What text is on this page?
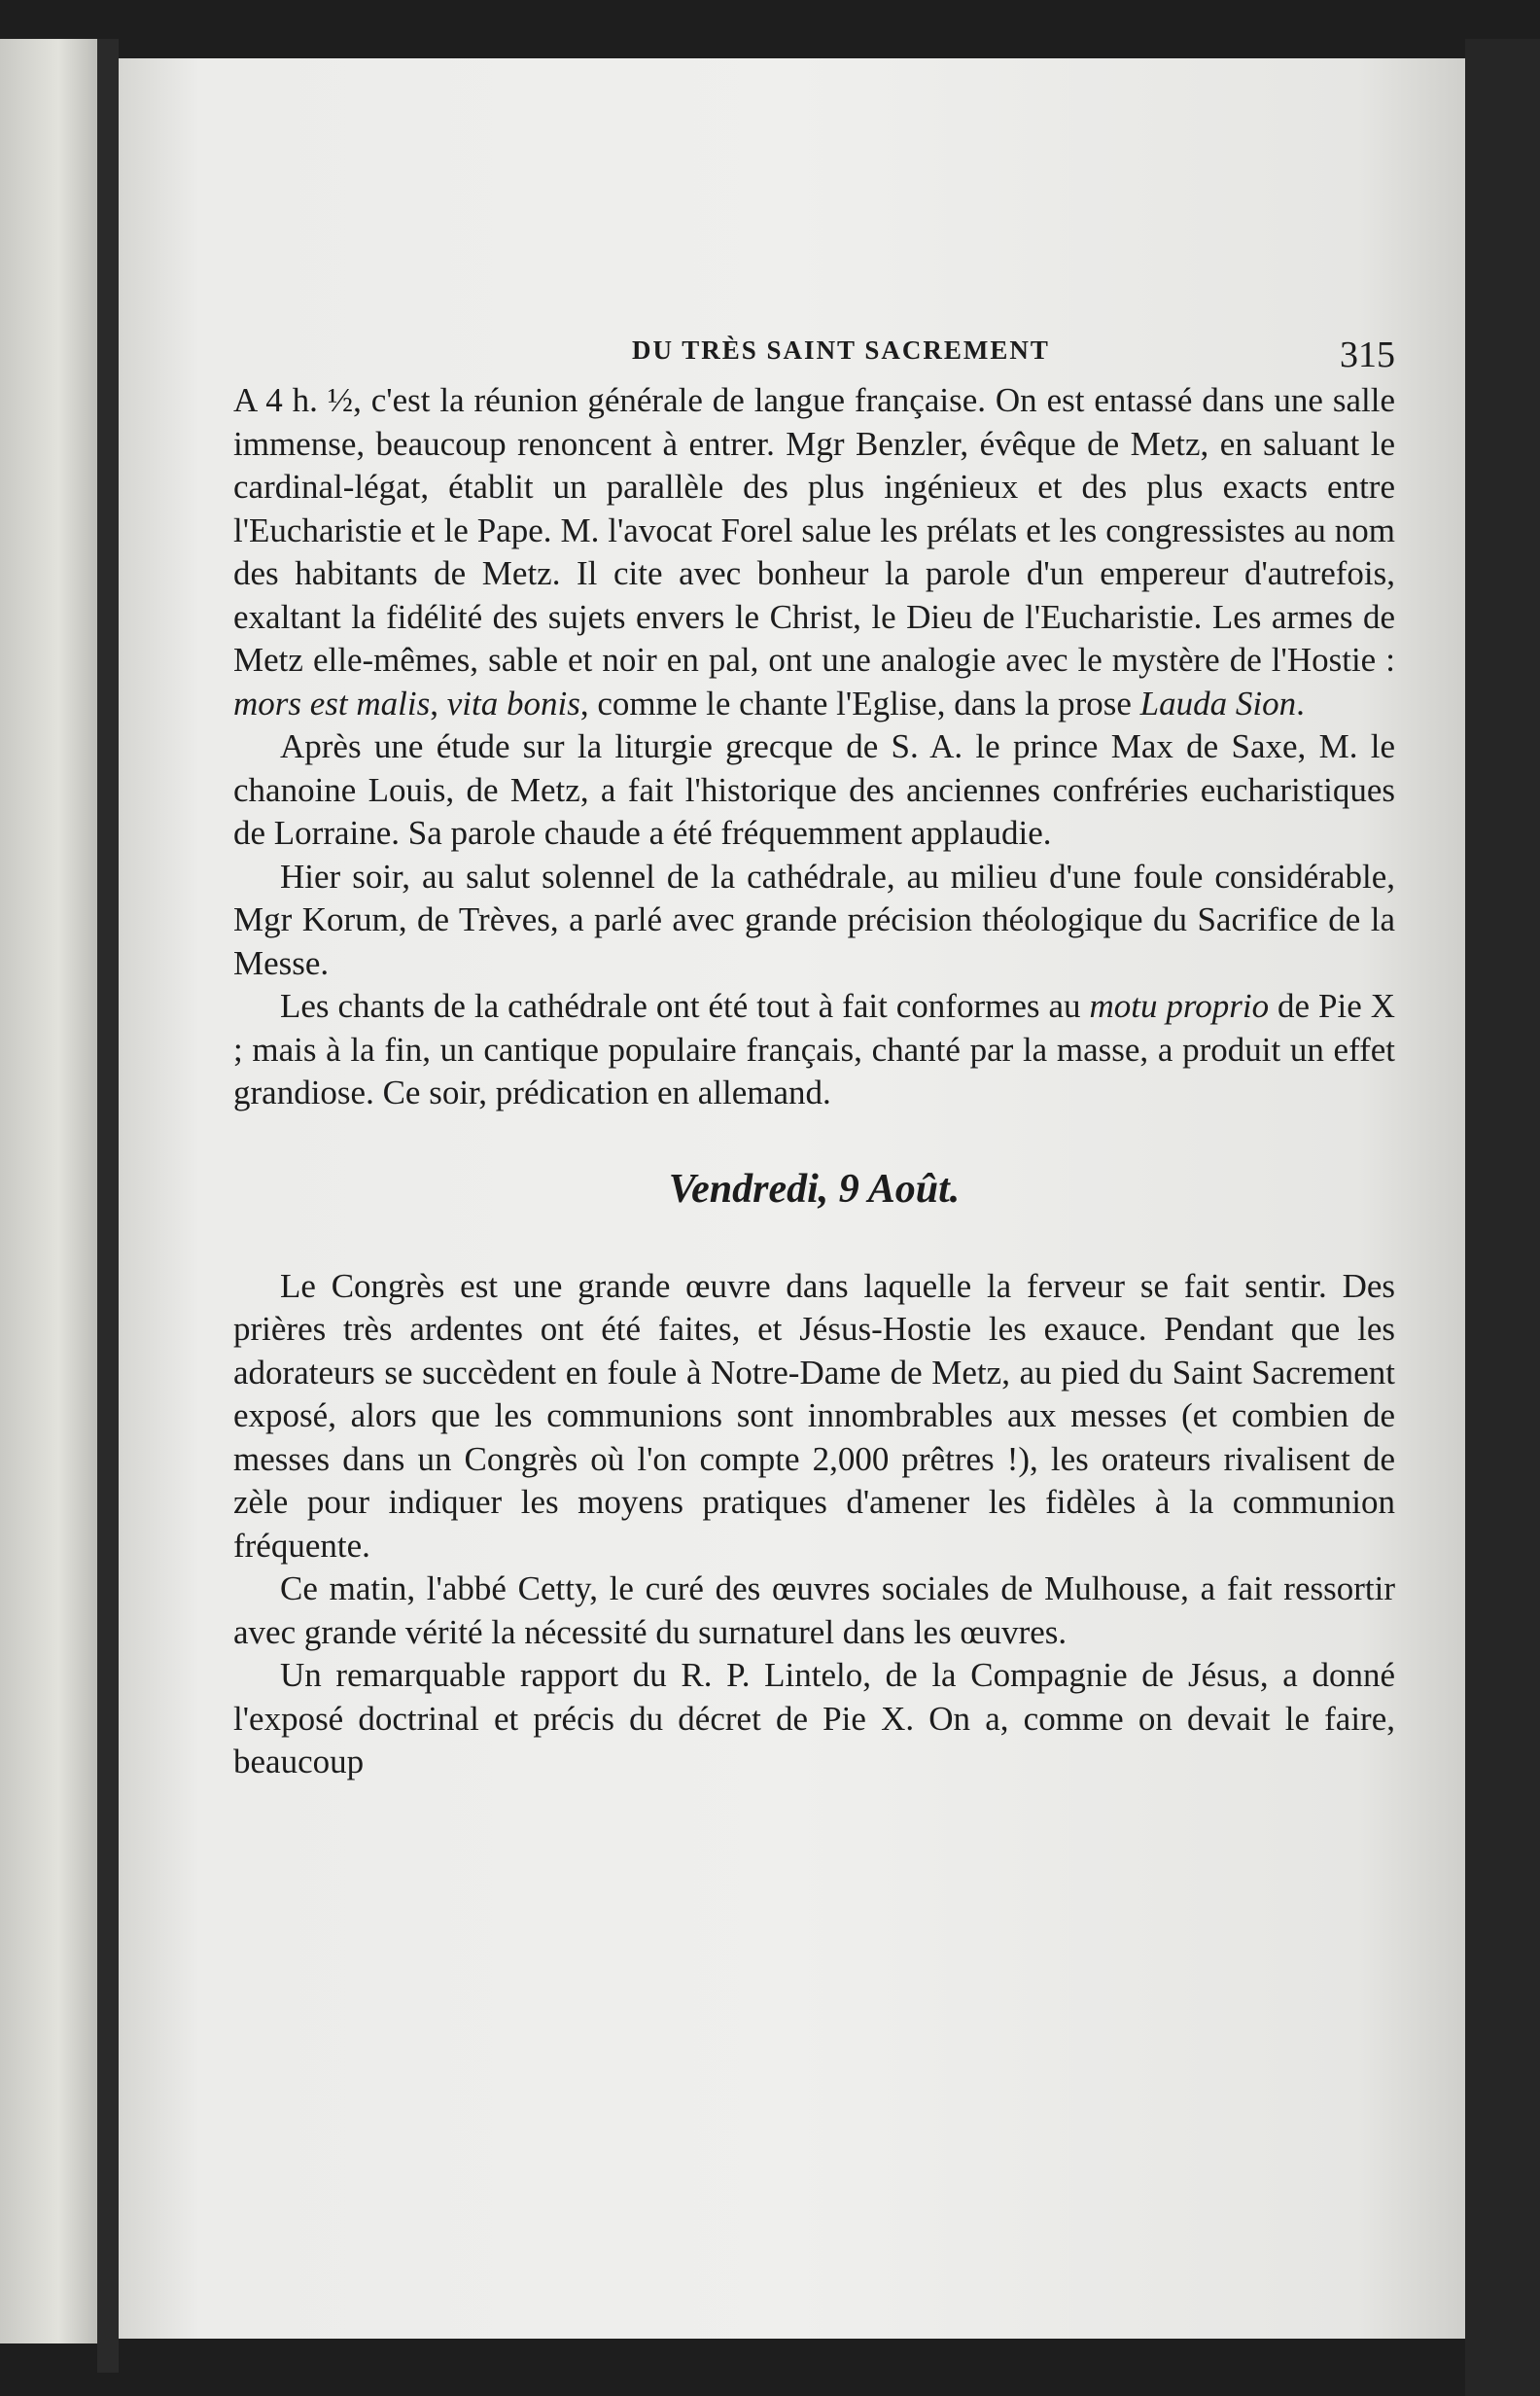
DU TRÈS SAINT SACREMENT	315

A 4 h. ½, c'est la réunion générale de langue française. On est entassé dans une salle immense, beaucoup renoncent à entrer. Mgr Benzler, évêque de Metz, en saluant le cardinal-légat, établit un parallèle des plus ingénieux et des plus exacts entre l'Eucharistie et le Pape. M. l'avocat Forel salue les prélats et les congressistes au nom des habitants de Metz. Il cite avec bonheur la parole d'un empereur d'autrefois, exaltant la fidélité des sujets envers le Christ, le Dieu de l'Eucharistie. Les armes de Metz elle-mêmes, sable et noir en pal, ont une analogie avec le mystère de l'Hostie : mors est malis, vita bonis, comme le chante l'Eglise, dans la prose Lauda Sion.

Après une étude sur la liturgie grecque de S. A. le prince Max de Saxe, M. le chanoine Louis, de Metz, a fait l'historique des anciennes confréries eucharistiques de Lorraine. Sa parole chaude a été fréquemment applaudie.

Hier soir, au salut solennel de la cathédrale, au milieu d'une foule considérable, Mgr Korum, de Trèves, a parlé avec grande précision théologique du Sacrifice de la Messe.

Les chants de la cathédrale ont été tout à fait conformes au motu proprio de Pie X ; mais à la fin, un cantique populaire français, chanté par la masse, a produit un effet grandiose. Ce soir, prédication en allemand.

Vendredi, 9 Août.

Le Congrès est une grande œuvre dans laquelle la ferveur se fait sentir. Des prières très ardentes ont été faites, et Jésus-Hostie les exauce. Pendant que les adorateurs se succèdent en foule à Notre-Dame de Metz, au pied du Saint Sacrement exposé, alors que les communions sont innombrables aux messes (et combien de messes dans un Congrès où l'on compte 2,000 prêtres !), les orateurs rivalisent de zèle pour indiquer les moyens pratiques d'amener les fidèles à la communion fréquente.

Ce matin, l'abbé Cetty, le curé des œuvres sociales de Mulhouse, a fait ressortir avec grande vérité la nécessité du surnaturel dans les œuvres.

Un remarquable rapport du R. P. Lintelo, de la Compagnie de Jésus, a donné l'exposé doctrinal et précis du décret de Pie X. On a, comme on devait le faire, beaucoup
